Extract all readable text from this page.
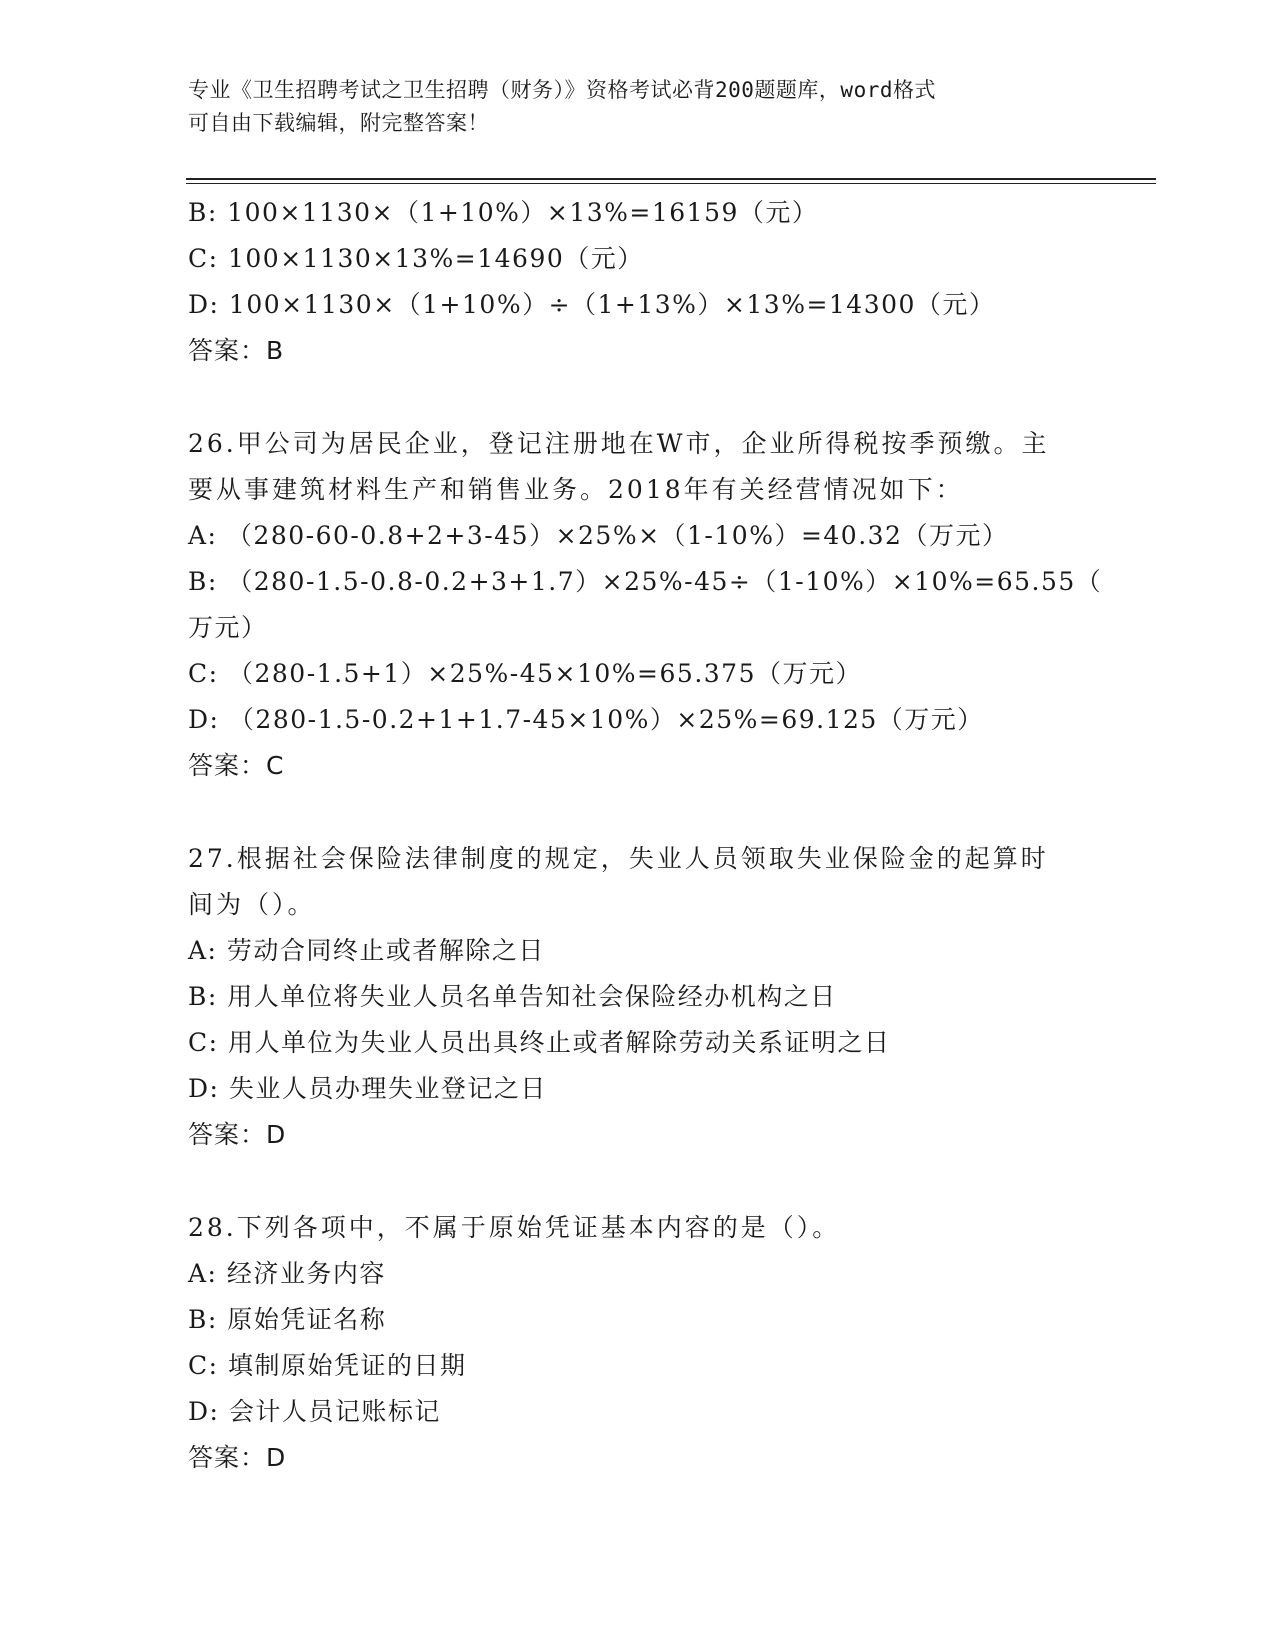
专业《卫生招聘考试之卫生招聘（财务）》资格考试必背200题题库，word格式
可自由下载编辑，附完整答案！
B: 100×1130×（1+10%）×13%=16159（元）
C: 100×1130×13%=14690（元）
D: 100×1130×（1+10%）÷（1+13%）×13%=14300（元）
答案：B
26.甲公司为居民企业，登记注册地在W市，企业所得税按季预缴。主要从事建筑材料生产和销售业务。2018年有关经营情况如下：
A: （280-60-0.8+2+3-45）×25%×（1-10%）=40.32（万元）
B: （280-1.5-0.8-0.2+3+1.7）×25%-45÷（1-10%）×10%=65.55（
万元）
C: （280-1.5+1）×25%-45×10%=65.375（万元）
D: （280-1.5-0.2+1+1.7-45×10%）×25%=69.125（万元）
答案：C
27.根据社会保险法律制度的规定，失业人员领取失业保险金的起算时间为（）。
A: 劳动合同终止或者解除之日
B: 用人单位将失业人员名单告知社会保险经办机构之日
C: 用人单位为失业人员出具终止或者解除劳动关系证明之日
D: 失业人员办理失业登记之日
答案：D
28.下列各项中，不属于原始凭证基本内容的是（）。
A: 经济业务内容
B: 原始凭证名称
C: 填制原始凭证的日期
D: 会计人员记账标记
答案：D
